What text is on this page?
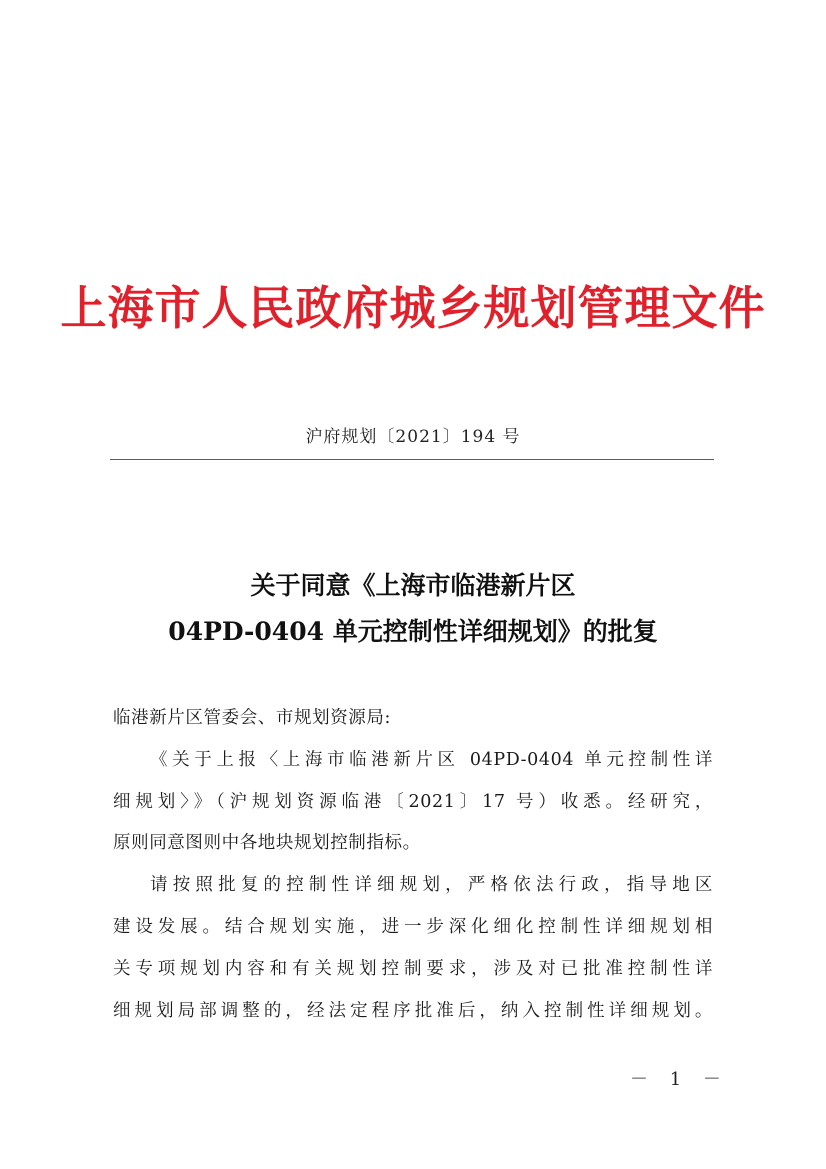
上海市人民政府城乡规划管理文件
沪府规划〔2021〕194 号
关于同意《上海市临港新片区
04PD-0404 单元控制性详细规划》的批复
临港新片区管委会、市规划资源局:
《关于上报〈上海市临港新片区 04PD-0404 单元控制性详
细规划〉》（沪规划资源临港〔2021〕17 号）收悉。经研究，
原则同意图则中各地块规划控制指标。
请按照批复的控制性详细规划，严格依法行政，指导地区
建设发展。结合规划实施，进一步深化细化控制性详细规划相
关专项规划内容和有关规划控制要求，涉及对已批准控制性详
细规划局部调整的，经法定程序批准后，纳入控制性详细规划。
－ 1 －
